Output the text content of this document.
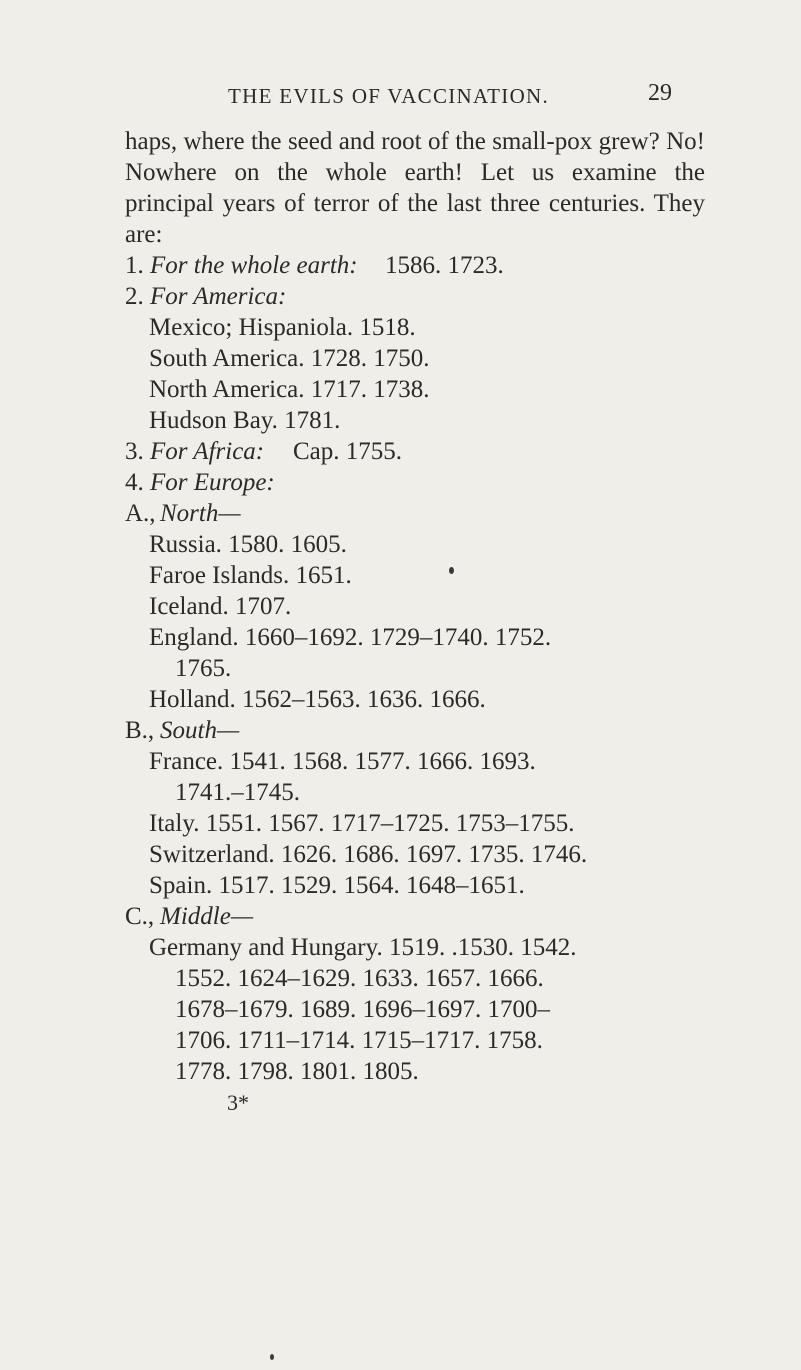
THE EVILS OF VACCINATION.	29
haps, where the seed and root of the small-pox grew? No! Nowhere on the whole earth! Let us examine the principal years of terror of the last three centuries. They are:
1. For the whole earth: 1586. 1723.
2. For America:
Mexico; Hispaniola. 1518.
South America. 1728. 1750.
North America. 1717. 1738.
Hudson Bay. 1781.
3. For Africa: Cap. 1755.
4. For Europe:
A., North—
Russia. 1580. 1605.
Faroe Islands. 1651.
Iceland. 1707.
England. 1660–1692. 1729–1740. 1752.
1765.
Holland. 1562–1563. 1636. 1666.
B., South—
France. 1541. 1568. 1577. 1666. 1693.
1741.–1745.
Italy. 1551. 1567. 1717–1725. 1753–1755.
Switzerland. 1626. 1686. 1697. 1735. 1746.
Spain. 1517. 1529. 1564. 1648–1651.
C., Middle—
Germany and Hungary. 1519. .1530. 1542.
1552. 1624–1629. 1633. 1657. 1666.
1678–1679. 1689. 1696–1697. 1700–
1706. 1711–1714. 1715–1717. 1758.
1778. 1798. 1801. 1805.
3*
